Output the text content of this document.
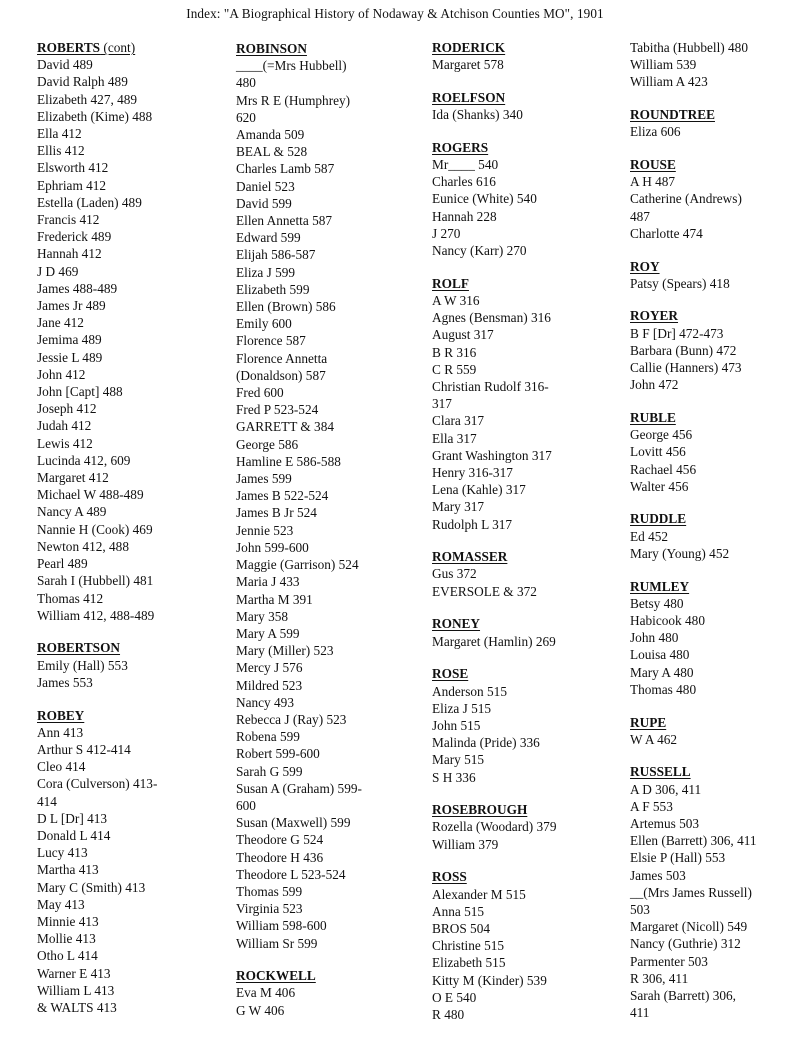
Index: "A Biographical History of Nodaway & Atchison Counties MO", 1901
ROBERTS (cont)
David 489
David Ralph 489
Elizabeth 427, 489
Elizabeth (Kime) 488
Ella 412
Ellis 412
Elsworth 412
Ephriam 412
Estella (Laden) 489
Francis 412
Frederick 489
Hannah 412
J D 469
James 488-489
James Jr 489
Jane 412
Jemima 489
Jessie L 489
John 412
John [Capt] 488
Joseph 412
Judah 412
Lewis 412
Lucinda 412, 609
Margaret 412
Michael W 488-489
Nancy A 489
Nannie H (Cook) 469
Newton 412, 488
Pearl 489
Sarah I (Hubbell) 481
Thomas 412
William 412, 488-489
ROBERTSON
Emily (Hall) 553
James 553
ROBEY
Ann 413
Arthur S 412-414
Cleo 414
Cora (Culverson) 413-
414
D L [Dr] 413
Donald L 414
Lucy 413
Martha 413
Mary C (Smith) 413
May 413
Minnie 413
Mollie 413
Otho L 414
Warner E 413
William L 413
& WALTS 413
ROBINSON
____(=Mrs Hubbell)
480
Mrs R E (Humphrey)
620
Amanda 509
BEAL & 528
Charles Lamb 587
Daniel 523
David 599
Ellen Annetta 587
Edward 599
Elijah 586-587
Eliza J 599
Elizabeth 599
Ellen (Brown) 586
Emily 600
Florence 587
Florence Annetta
(Donaldson) 587
Fred 600
Fred P 523-524
GARRETT & 384
George 586
Hamline E 586-588
James 599
James B 522-524
James B Jr 524
Jennie 523
John 599-600
Maggie (Garrison) 524
Maria J 433
Martha M 391
Mary 358
Mary A 599
Mary (Miller) 523
Mercy J 576
Mildred 523
Nancy 493
Rebecca J (Ray) 523
Robena 599
Robert 599-600
Sarah G 599
Susan A (Graham) 599-
600
Susan (Maxwell) 599
Theodore G 524
Theodore H 436
Theodore L 523-524
Thomas 599
Virginia 523
William 598-600
William Sr 599
ROCKWELL
Eva M 406
G W 406
RODERICK
Margaret 578
ROELFSON
Ida (Shanks) 340
ROGERS
Mr____ 540
Charles 616
Eunice (White) 540
Hannah 228
J 270
Nancy (Karr) 270
ROLF
A W 316
Agnes (Bensman) 316
August 317
B R 316
C R 559
Christian Rudolf 316-
317
Clara 317
Ella 317
Grant Washington 317
Henry 316-317
Lena (Kahle) 317
Mary 317
Rudolph L 317
ROMASSER
Gus 372
EVERSOLE & 372
RONEY
Margaret (Hamlin) 269
ROSE
Anderson 515
Eliza J 515
John 515
Malinda (Pride) 336
Mary 515
S H 336
ROSEBROUGH
Rozella (Woodard) 379
William 379
ROSS
Alexander M 515
Anna 515
BROS 504
Christine 515
Elizabeth 515
Kitty M (Kinder) 539
O E 540
R 480
Tabitha (Hubbell) 480
William 539
William A 423
ROUNDTREE
Eliza 606
ROUSE
A H 487
Catherine (Andrews)
487
Charlotte 474
ROY
Patsy (Spears) 418
ROYER
B F [Dr] 472-473
Barbara (Bunn) 472
Callie (Hanners) 473
John 472
RUBLE
George 456
Lovitt 456
Rachael 456
Walter 456
RUDDLE
Ed 452
Mary (Young) 452
RUMLEY
Betsy 480
Habicook 480
John 480
Louisa 480
Mary A 480
Thomas 480
RUPE
W A 462
RUSSELL
A D 306, 411
A F 553
Artemus 503
Ellen (Barrett) 306, 411
Elsie P (Hall) 553
James 503
__(Mrs James Russell)
503
Margaret (Nicoll) 549
Nancy (Guthrie) 312
Parmenter 503
R 306, 411
Sarah (Barrett) 306,
411
